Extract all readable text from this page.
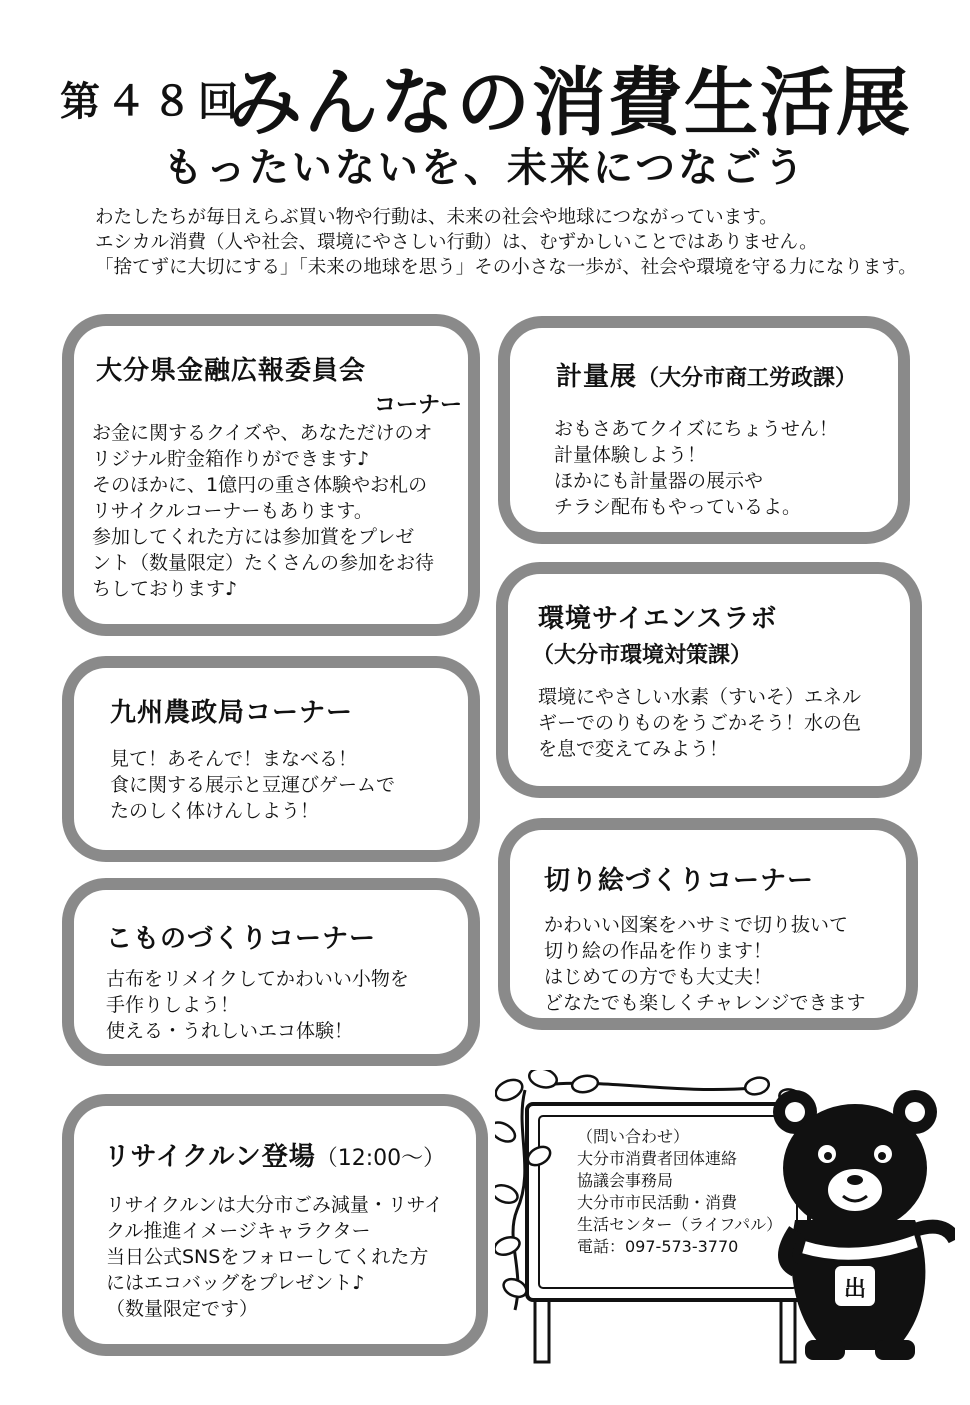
第４８回
みんなの消費生活展
もったいないを、未来につなごう
わたしたちが毎日えらぶ買い物や行動は、未来の社会や地球につながっています。
エシカル消費（人や社会、環境にやさしい行動）は、むずかしいことではありません。
「捨てずに大切にする」「未来の地球を思う」その小さな一歩が、社会や環境を守る力になります。
大分県金融広報委員会
コーナー
お金に関するクイズや、あなただけのオ
リジナル貯金箱作りができます♪
そのほかに、1億円の重さ体験やお札の
リサイクルコーナーもあります。
参加してくれた方には参加賞をプレゼ
ント（数量限定）たくさんの参加をお待
ちしております♪
計量展（大分市商工労政課）
おもさあてクイズにちょうせん！
計量体験しよう！
ほかにも計量器の展示や
チラシ配布もやっているよ。
環境サイエンスラボ
（大分市環境対策課）
環境にやさしい水素（すいそ）エネル
ギーでのりものをうごかそう！水の色
を息で変えてみよう！
九州農政局コーナー
見て！あそんで！まなべる！
食に関する展示と豆運びゲームで
たのしく体けんしよう！
切り絵づくりコーナー
かわいい図案をハサミで切り抜いて
切り絵の作品を作ります！
はじめての方でも大丈夫！
どなたでも楽しくチャレンジできます
こものづくりコーナー
古布をリメイクしてかわいい小物を
手作りしよう！
使える・うれしいエコ体験！
リサイクルン登場（12:00～）
リサイクルンは大分市ごみ減量・リサイ
クル推進イメージキャラクター
当日公式SNSをフォローしてくれた方
にはエコバッグをプレゼント♪
（数量限定です）
出
（問い合わせ）
大分市消費者団体連絡
協議会事務局
大分市市民活動・消費
生活センター（ライフパル）
電話：097-573-3770
